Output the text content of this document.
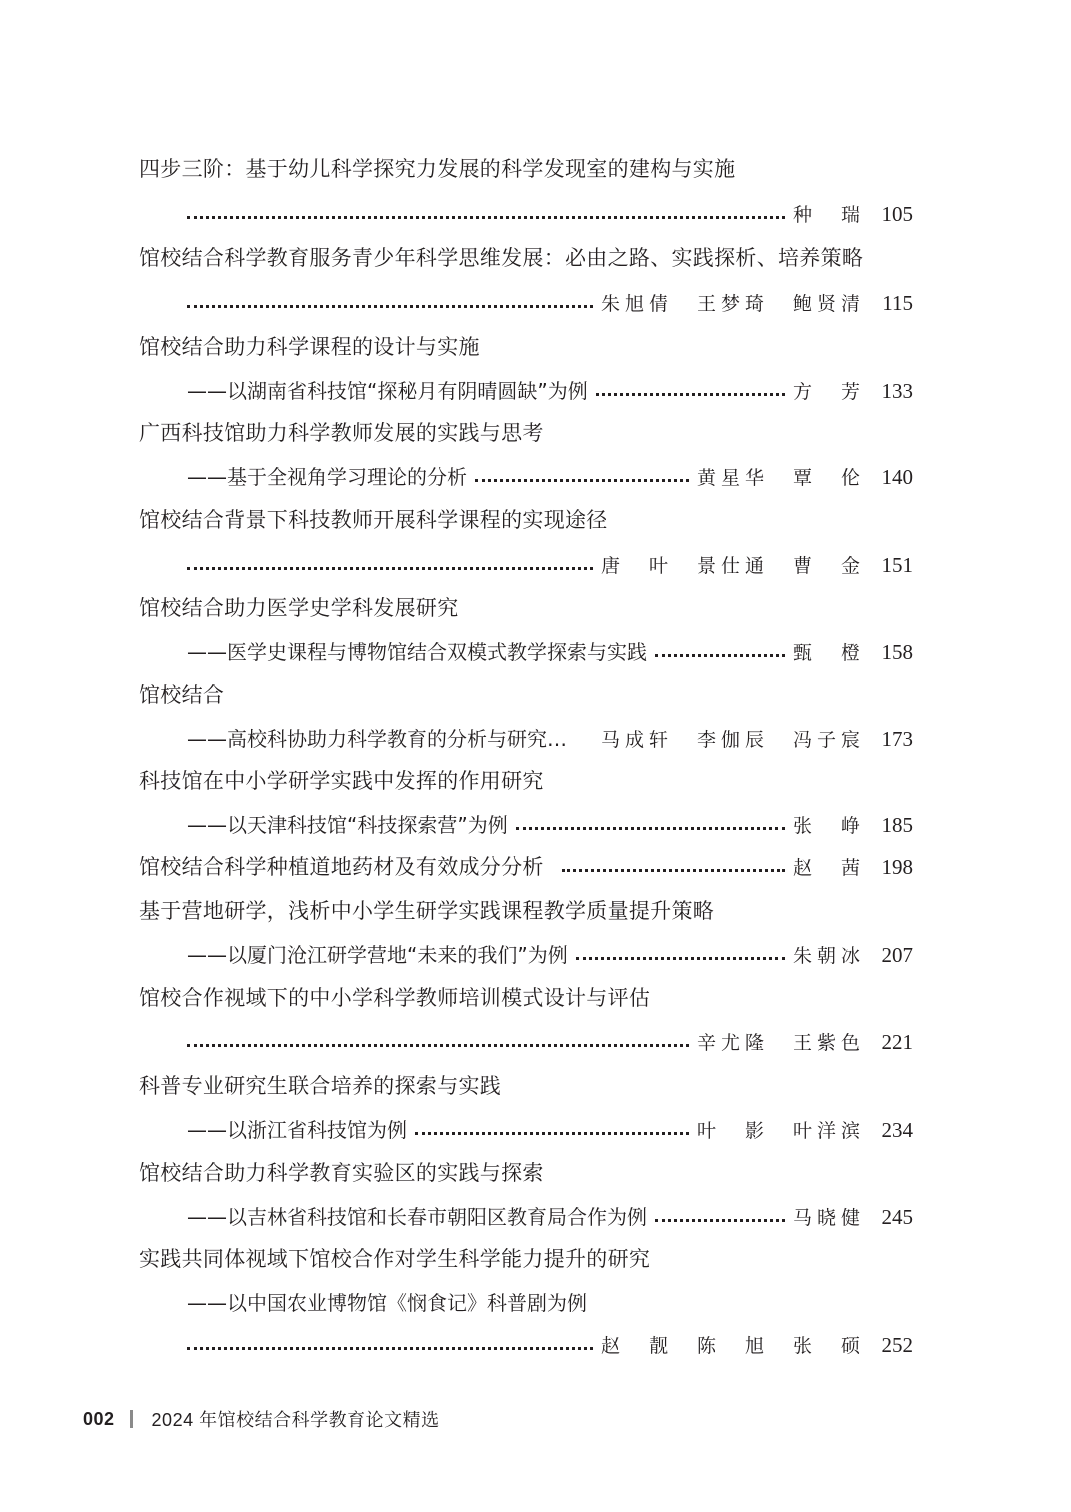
四步三阶：基于幼儿科学探究力发展的科学发现室的建构与实施
种　瑞 105
馆校结合科学教育服务青少年科学思维发展：必由之路、实践探析、培养策略
朱旭倩　王梦琦　鲍贤清 115
馆校结合助力科学课程的设计与实施
——以湖南省科技馆“探秘月有阴晴圆缺”为例	方　芳 133
广西科技馆助力科学教师发展的实践与思考
——基于全视角学习理论的分析	黄星华　覃　伦 140
馆校结合背景下科技教师开展科学课程的实现途径
唐　叶　景仕通　曹　金 151
馆校结合助力医学史学科发展研究
——医学史课程与博物馆结合双模式教学探索与实践	甄　橙 158
馆校结合
——高校科协助力科学教育的分析与研究… 马成轩　李伽辰　冯子宸 173
科技馆在中小学研学实践中发挥的作用研究
——以天津科技馆“科技探索营”为例	张　峥 185
馆校结合科学种植道地药材及有效成分分析	赵　茜 198
基于营地研学，浅析中小学生研学实践课程教学质量提升策略
——以厦门沧江研学营地“未来的我们”为例	朱朝冰 207
馆校合作视域下的中小学科学教师培训模式设计与评估
辛尤隆　王紫色 221
科普专业研究生联合培养的探索与实践
——以浙江省科技馆为例	叶　影　叶洋滨 234
馆校结合助力科学教育实验区的实践与探索
——以吉林省科技馆和长春市朝阳区教育局合作为例	马晓健 245
实践共同体视域下馆校合作对学生科学能力提升的研究
——以中国农业博物馆《悯食记》科普剧为例
赵　靓　陈　旭　张　硕 252
002 2024 年馆校结合科学教育论文精选
